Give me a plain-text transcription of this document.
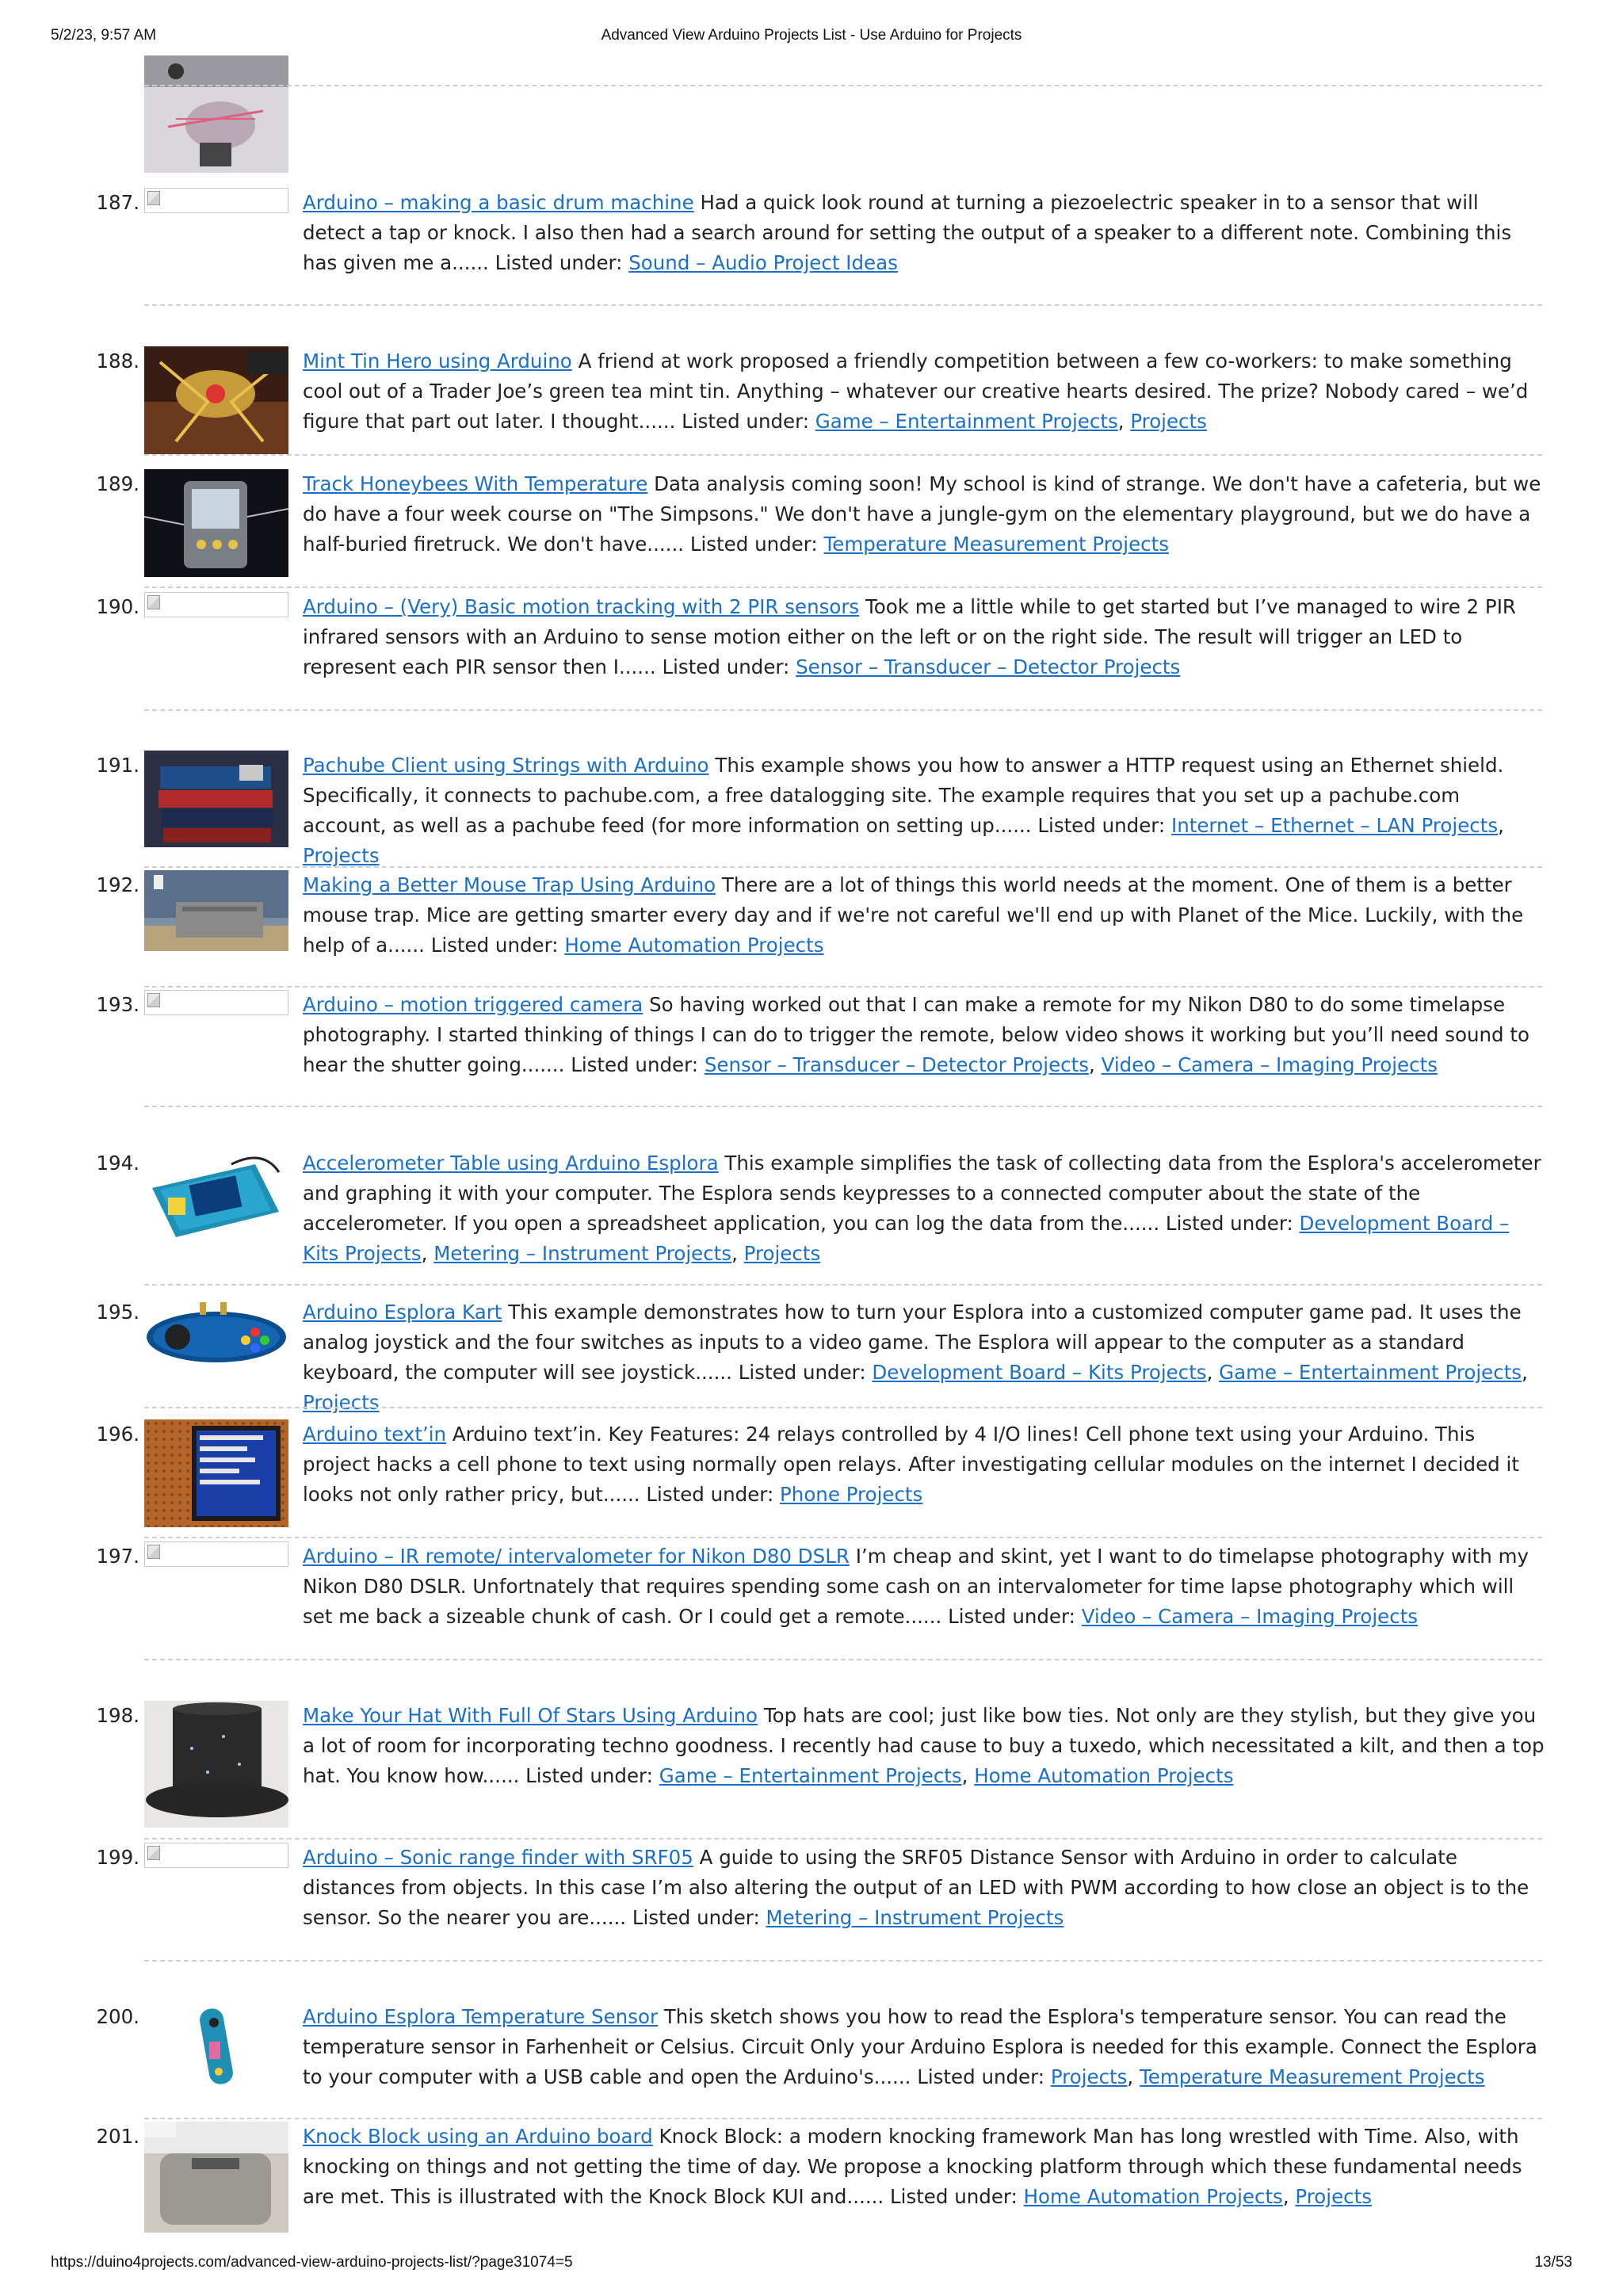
5/2/23, 9:57 AM	Advanced View Arduino Projects List - Use Arduino for Projects
187.	Arduino – making a basic drum machine Had a quick look round at turning a piezoelectric speaker in to a sensor that will detect a tap or knock. I also then had a search around for setting the output of a speaker to a different note. Combining this has given me a...... Listed under: Sound – Audio Project Ideas
188.	Mint Tin Hero using Arduino A friend at work proposed a friendly competition between a few co-workers: to make something cool out of a Trader Joe’s green tea mint tin. Anything – whatever our creative hearts desired. The prize? Nobody cared – we’d figure that part out later. I thought...... Listed under: Game – Entertainment Projects, Projects
189.	Track Honeybees With Temperature Data analysis coming soon! My school is kind of strange. We don't have a cafeteria, but we do have a four week course on "The Simpsons." We don't have a jungle-gym on the elementary playground, but we do have a half-buried firetruck. We don't have...... Listed under: Temperature Measurement Projects
190.	Arduino – (Very) Basic motion tracking with 2 PIR sensors Took me a little while to get started but I’ve managed to wire 2 PIR infrared sensors with an Arduino to sense motion either on the left or on the right side. The result will trigger an LED to represent each PIR sensor then I...... Listed under: Sensor – Transducer – Detector Projects
191.	Pachube Client using Strings with Arduino This example shows you how to answer a HTTP request using an Ethernet shield. Specifically, it connects to pachube.com, a free datalogging site. The example requires that you set up a pachube.com account, as well as a pachube feed (for more information on setting up...... Listed under: Internet – Ethernet – LAN Projects, Projects
192.	Making a Better Mouse Trap Using Arduino There are a lot of things this world needs at the moment. One of them is a better mouse trap. Mice are getting smarter every day and if we're not careful we'll end up with Planet of the Mice. Luckily, with the help of a...... Listed under: Home Automation Projects
193.	Arduino – motion triggered camera So having worked out that I can make a remote for my Nikon D80 to do some timelapse photography. I started thinking of things I can do to trigger the remote, below video shows it working but you’ll need sound to hear the shutter going....... Listed under: Sensor – Transducer – Detector Projects, Video – Camera – Imaging Projects
194.	Accelerometer Table using Arduino Esplora This example simplifies the task of collecting data from the Esplora's accelerometer and graphing it with your computer. The Esplora sends keypresses to a connected computer about the state of the accelerometer. If you open a spreadsheet application, you can log the data from the...... Listed under: Development Board – Kits Projects, Metering – Instrument Projects, Projects
195.	Arduino Esplora Kart This example demonstrates how to turn your Esplora into a customized computer game pad. It uses the analog joystick and the four switches as inputs to a video game. The Esplora will appear to the computer as a standard keyboard, the computer will see joystick...... Listed under: Development Board – Kits Projects, Game – Entertainment Projects, Projects
196.	Arduino text’in Arduino text’in. Key Features: 24 relays controlled by 4 I/O lines! Cell phone text using your Arduino. This project hacks a cell phone to text using normally open relays. After investigating cellular modules on the internet I decided it looks not only rather pricy, but...... Listed under: Phone Projects
197.	Arduino – IR remote/ intervalometer for Nikon D80 DSLR I’m cheap and skint, yet I want to do timelapse photography with my Nikon D80 DSLR. Unfortnately that requires spending some cash on an intervalometer for time lapse photography which will set me back a sizeable chunk of cash. Or I could get a remote...... Listed under: Video – Camera – Imaging Projects
198.	Make Your Hat With Full Of Stars Using Arduino Top hats are cool; just like bow ties. Not only are they stylish, but they give you a lot of room for incorporating techno goodness. I recently had cause to buy a tuxedo, which necessitated a kilt, and then a top hat. You know how...... Listed under: Game – Entertainment Projects, Home Automation Projects
199.	Arduino – Sonic range finder with SRF05 A guide to using the SRF05 Distance Sensor with Arduino in order to calculate distances from objects. In this case I’m also altering the output of an LED with PWM according to how close an object is to the sensor. So the nearer you are...... Listed under: Metering – Instrument Projects
200.	Arduino Esplora Temperature Sensor This sketch shows you how to read the Esplora's temperature sensor. You can read the temperature sensor in Farhenheit or Celsius. Circuit Only your Arduino Esplora is needed for this example. Connect the Esplora to your computer with a USB cable and open the Arduino's...... Listed under: Projects, Temperature Measurement Projects
201.	Knock Block using an Arduino board Knock Block: a modern knocking framework Man has long wrestled with Time. Also, with knocking on things and not getting the time of day. We propose a knocking platform through which these fundamental needs are met. This is illustrated with the Knock Block KUI and...... Listed under: Home Automation Projects, Projects
https://duino4projects.com/advanced-view-arduino-projects-list/?page31074=5	13/53
